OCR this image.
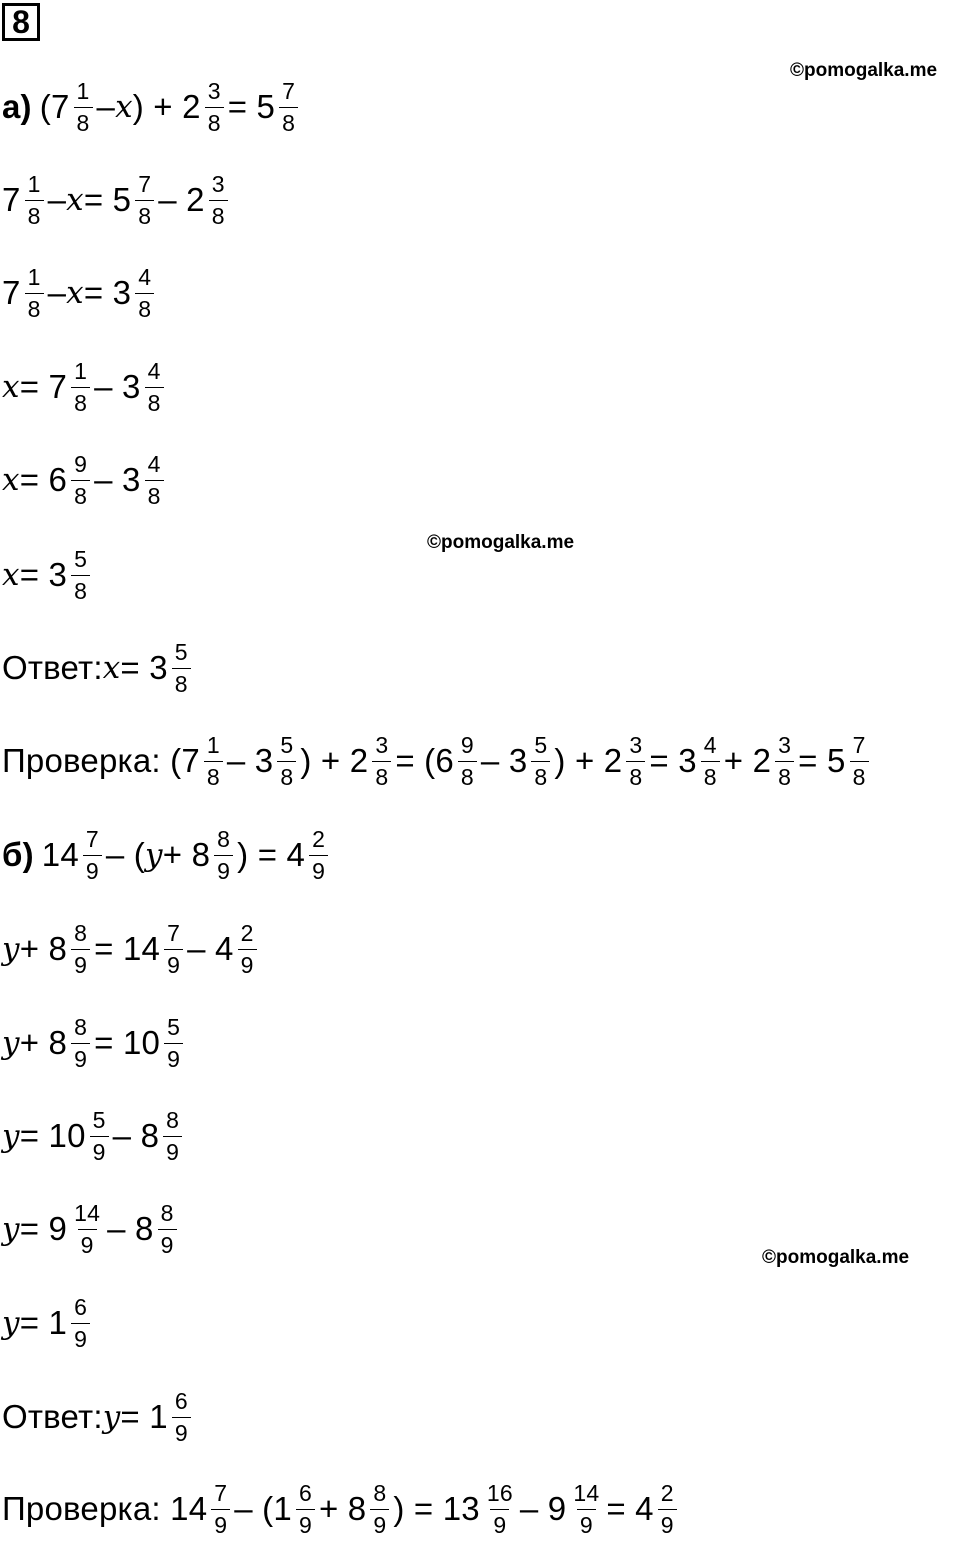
8
©pomogalka.me
©pomogalka.me
©pomogalka.me
а) ($7 \frac{1}{8}$ – x ) + $2 \frac{3}{8} = 5 \frac{7}{8}$
$7 \frac{1}{8} - x = 5 \frac{7}{8} - 2 \frac{3}{8}$
$7 \frac{1}{8} - x = 3 \frac{4}{8}$
$x = 7 \frac{1}{8} - 3 \frac{4}{8}$
$x = 6 \frac{9}{8} - 3 \frac{4}{8}$
$x = 3 \frac{5}{8}$
Ответ: $x = 3 \frac{5}{8}$
Проверка: ($7 \frac{1}{8} - 3 \frac{5}{8}$ ) + $2 \frac{3}{8} = (6 \frac{9}{8} - 3 \frac{5}{8}$ ) + $2 \frac{3}{8} = 3 \frac{4}{8} + 2 \frac{3}{8} = 5 \frac{7}{8}$
б) $14 \frac{7}{9}$ – ( $y + 8 \frac{8}{9}$ ) = $4 \frac{2}{9}$
$y + 8 \frac{8}{9} = 14 \frac{7}{9} - 4 \frac{2}{9}$
$y + 8 \frac{8}{9} = 10 \frac{5}{9}$
$y = 10 \frac{5}{9} - 8 \frac{8}{9}$
$y = 9 \frac{14}{9} - 8 \frac{8}{9}$
$y = 1 \frac{6}{9}$
Ответ: $y = 1 \frac{6}{9}$
Проверка: $14 \frac{7}{9} - (1 \frac{6}{9} + 8 \frac{8}{9}$ ) = $13 \frac{16}{9} - 9 \frac{14}{9} = 4 \frac{2}{9}$
